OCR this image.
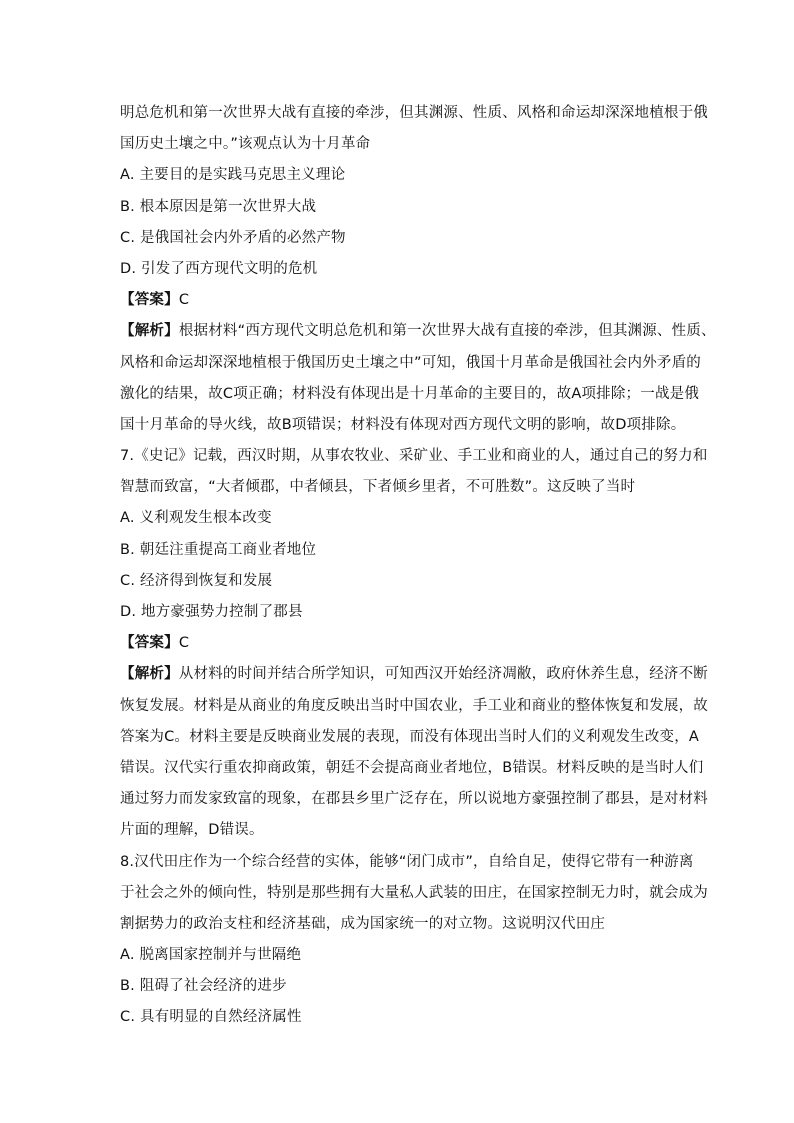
明总危机和第一次世界大战有直接的牵涉，但其渊源、性质、风格和命运却深深地植根于俄
国历史土壤之中。”该观点认为十月革命
A. 主要目的是实践马克思主义理论
B. 根本原因是第一次世界大战
C. 是俄国社会内外矛盾的必然产物
D. 引发了西方现代文明的危机
【答案】C
【解析】根据材料“西方现代文明总危机和第一次世界大战有直接的牵涉，但其渊源、性质、
风格和命运却深深地植根于俄国历史土壤之中”可知，俄国十月革命是俄国社会内外矛盾的
激化的结果，故C项正确；材料没有体现出是十月革命的主要目的，故A项排除；一战是俄
国十月革命的导火线，故B项错误；材料没有体现对西方现代文明的影响，故D项排除。
7.《史记》记载，西汉时期，从事农牧业、采矿业、手工业和商业的人，通过自己的努力和
智慧而致富，“大者倾郡，中者倾县，下者倾乡里者，不可胜数”。这反映了当时
A. 义利观发生根本改变
B. 朝廷注重提高工商业者地位
C. 经济得到恢复和发展
D. 地方豪强势力控制了郡县
【答案】C
【解析】从材料的时间并结合所学知识，可知西汉开始经济凋敝，政府休养生息，经济不断
恢复发展。材料是从商业的角度反映出当时中国农业，手工业和商业的整体恢复和发展，故
答案为C。材料主要是反映商业发展的表现，而没有体现出当时人们的义利观发生改变，A
错误。汉代实行重农抑商政策，朝廷不会提高商业者地位，B错误。材料反映的是当时人们
通过努力而发家致富的现象，在郡县乡里广泛存在，所以说地方豪强控制了郡县，是对材料
片面的理解，D错误。
8.汉代田庄作为一个综合经营的实体，能够“闭门成市”，自给自足，使得它带有一种游离
于社会之外的倾向性，特别是那些拥有大量私人武装的田庄，在国家控制无力时，就会成为
割据势力的政治支柱和经济基础，成为国家统一的对立物。这说明汉代田庄
A. 脱离国家控制并与世隔绝
B. 阻碍了社会经济的进步
C. 具有明显的自然经济属性
